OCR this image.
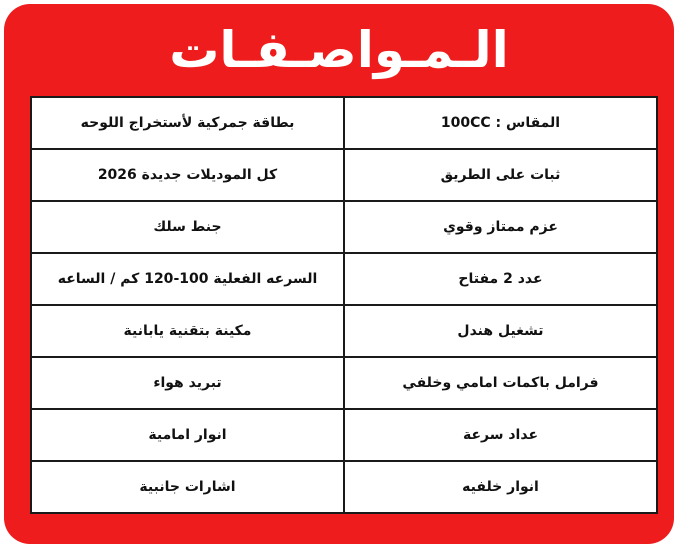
الـمـواصـفـات
المقاس : 100CC	بطاقة جمركية لأستخراج اللوحه
ثبات على الطريق	كل الموديلات جديدة 2026
عزم ممتاز وقوي	جنط سلك
عدد 2 مفتاح	السرعه الفعلية 100-120 كم / الساعه
تشغيل هندل	مكينة بتقنية يابانية
فرامل باكمات امامي وخلفي	تبريد هواء
عداد سرعة	انوار امامية
انوار خلفيه	اشارات جانبية
